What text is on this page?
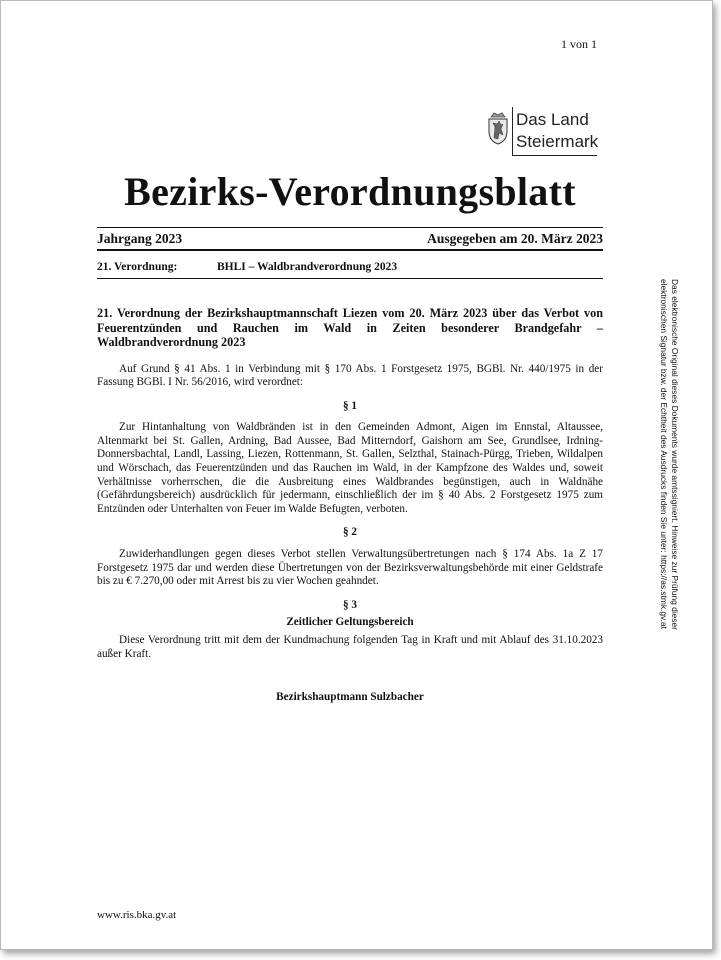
1 von 1
Das Land
Steiermark
Bezirks-Verordnungsblatt
Jahrgang 2023	Ausgegeben am 20. März 2023
21. Verordnung:	BHLI – Waldbrandverordnung 2023

21. Verordnung der Bezirkshauptmannschaft Liezen vom 20. März 2023 über das Verbot von Feuerentzünden und Rauchen im Wald in Zeiten besonderer Brandgefahr – Waldbrandverordnung 2023

Auf Grund § 41 Abs. 1 in Verbindung mit § 170 Abs. 1 Forstgesetz 1975, BGBl. Nr. 440/1975 in der Fassung BGBl. I Nr. 56/2016, wird verordnet:

§ 1

Zur Hintanhaltung von Waldbränden ist in den Gemeinden Admont, Aigen im Ennstal, Altaussee, Altenmarkt bei St. Gallen, Ardning, Bad Aussee, Bad Mitterndorf, Gaishorn am See, Grundlsee, Irdning-Donnersbachtal, Landl, Lassing, Liezen, Rottenmann, St. Gallen, Selzthal, Stainach-Pürgg, Trieben, Wildalpen und Wörschach, das Feuerentzünden und das Rauchen im Wald, in der Kampfzone des Waldes und, soweit Verhältnisse vorherrschen, die die Ausbreitung eines Waldbrandes begünstigen, auch in Waldnähe (Gefährdungsbereich) ausdrücklich für jedermann, einschließlich der im § 40 Abs. 2 Forstgesetz 1975 zum Entzünden oder Unterhalten von Feuer im Walde Befugten, verboten.

§ 2

Zuwiderhandlungen gegen dieses Verbot stellen Verwaltungsübertretungen nach § 174 Abs. 1a Z 17 Forstgesetz 1975 dar und werden diese Übertretungen von der Bezirksverwaltungsbehörde mit einer Geldstrafe bis zu € 7.270,00 oder mit Arrest bis zu vier Wochen geahndet.

§ 3

Zeitlicher Geltungsbereich

Diese Verordnung tritt mit dem der Kundmachung folgenden Tag in Kraft und mit Ablauf des 31.10.2023 außer Kraft.

Bezirkshauptmann Sulzbacher

www.ris.bka.gv.at
Das elektronische Original dieses Dokuments wurde amtssigniert. Hinweise zur Prüfung dieser elektronischen Signatur bzw. der Echtheit des Ausdrucks finden Sie unter: https://as.stmk.gv.at
